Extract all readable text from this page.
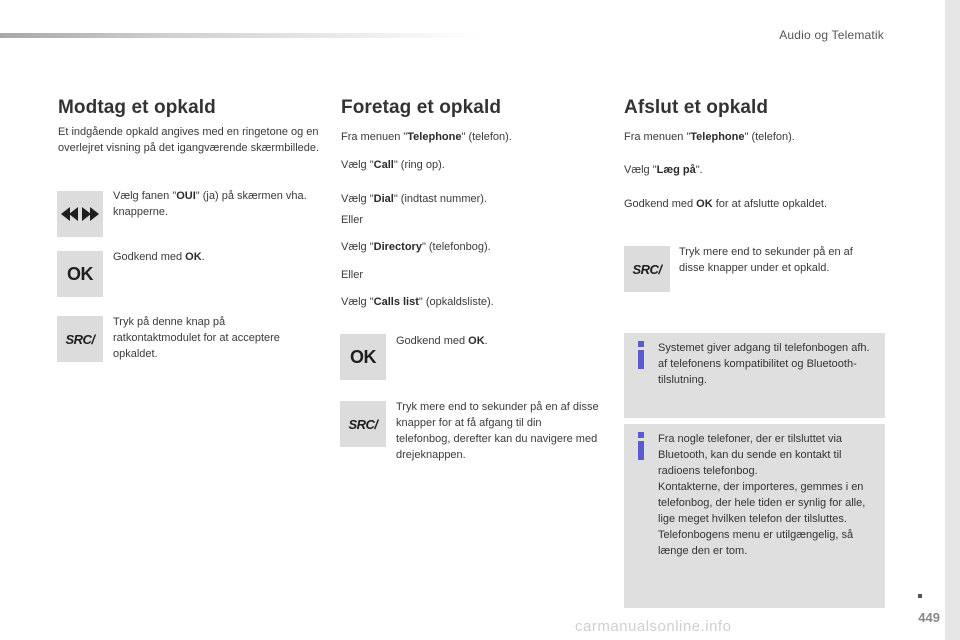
Audio og Telematik
449
carmanualsonline.info
Modtag et opkald

Et indgående opkald angives med en ringetone og en overlejret visning på det igangværende skærmbillede.

Vælg fanen "OUI" (ja) på skærmen vha. knapperne.
OK
Godkend med OK.
SRC/
Tryk på denne knap på ratkontaktmodulet for at acceptere opkaldet.
Foretag et opkald
Fra menuen "Telephone" (telefon).
Vælg "Call" (ring op).
Vælg "Dial" (indtast nummer).
Eller
Vælg "Directory" (telefonbog).
Eller
Vælg "Calls list" (opkaldsliste).
OK
Godkend med OK.
SRC/
Tryk mere end to sekunder på en af disse knapper for at få afgang til din telefonbog, derefter kan du navigere med drejeknappen.
Afslut et opkald
Fra menuen "Telephone" (telefon).
Vælg "Læg på".
Godkend med OK for at afslutte opkaldet.
SRC/
Tryk mere end to sekunder på en af disse knapper under et opkald.
Systemet giver adgang til telefonbogen afh. af telefonens kompatibilitet og Bluetooth-tilslutning.

Fra nogle telefoner, der er tilsluttet via Bluetooth, kan du sende en kontakt til radioens telefonbog.

Kontakterne, der importeres, gemmes i en telefonbog, der hele tiden er synlig for alle, lige meget hvilken telefon der tilsluttes.

Telefonbogens menu er utilgængelig, så længe den er tom.
